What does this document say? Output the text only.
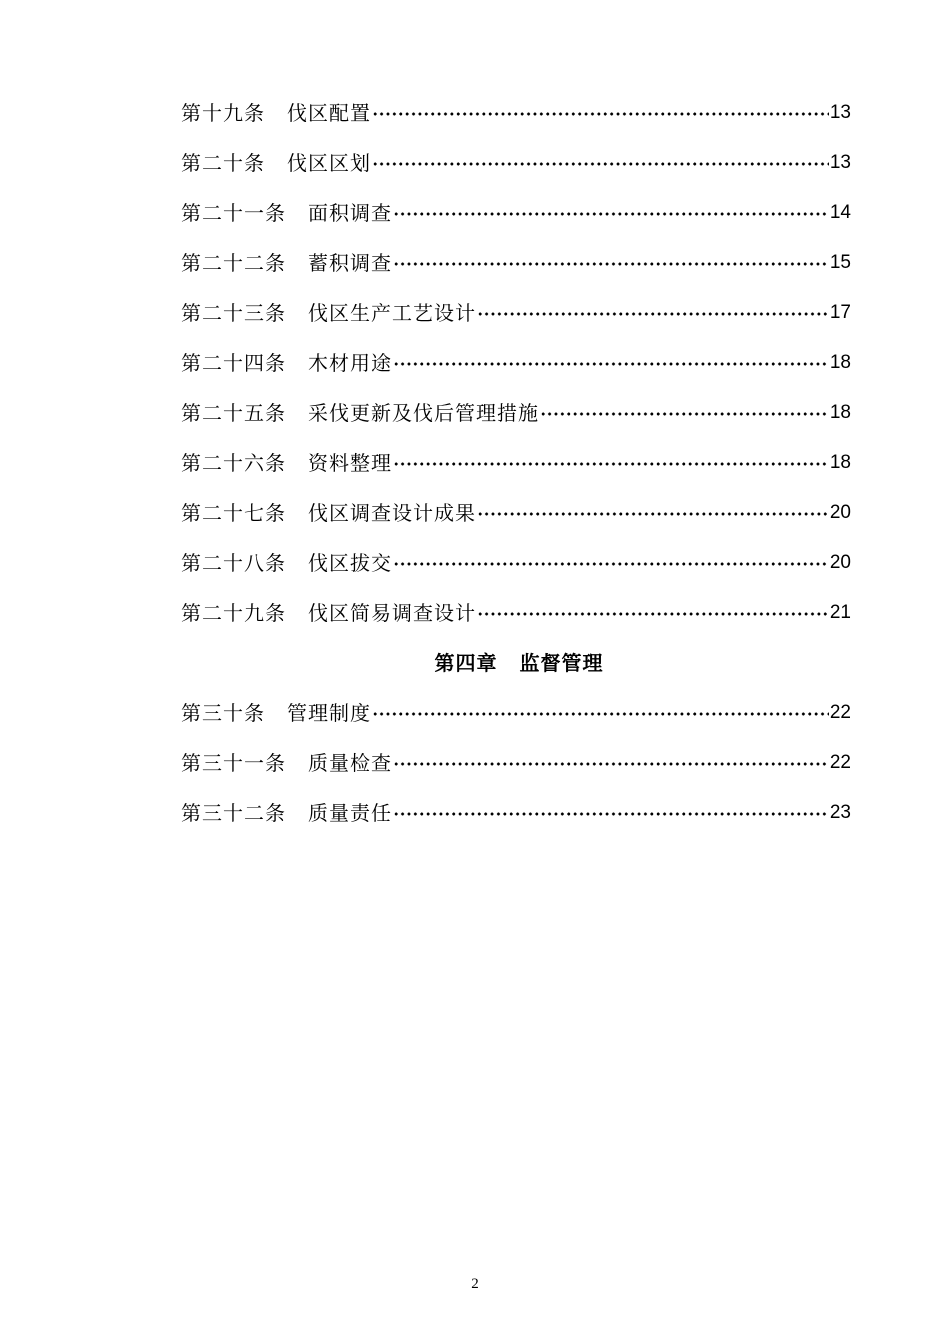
第十九条 伐区配置	13
第二十条 伐区区划	13
第二十一条 面积调查	14
第二十二条 蓄积调查	15
第二十三条 伐区生产工艺设计	17
第二十四条 木材用途	18
第二十五条 采伐更新及伐后管理措施	18
第二十六条 资料整理	18
第二十七条 伐区调查设计成果	20
第二十八条 伐区拔交	20
第二十九条 伐区简易调查设计	21
第四章 监督管理
第三十条 管理制度	22
第三十一条 质量检查	22
第三十二条 质量责任	23
2
